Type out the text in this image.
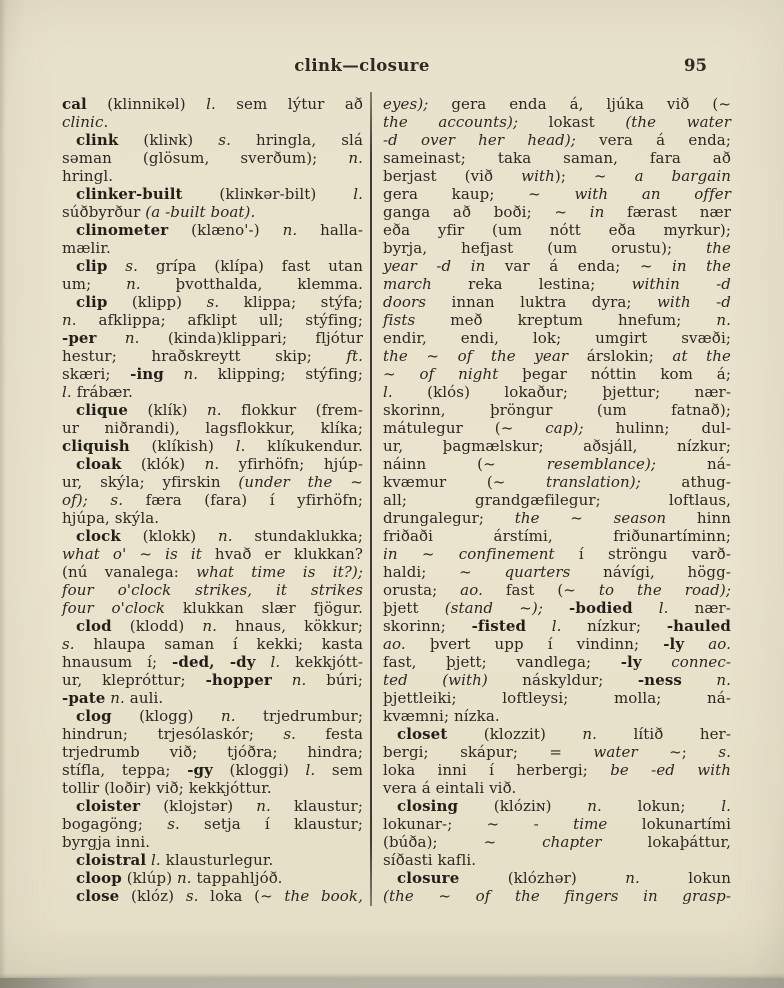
clink—closure	95
cal (klinnikəl) l. sem lýtur að
clinic.
clink (kliɴk) s. hringla, slá
səman (glösum, sverðum); n.
hringl.
clinker-built (kliɴkər-bilt) l.
súðbyrður (a -built boat).
clinometer (klæno'-) n. halla-
mælir.
clip s. grípa (klípa) fast utan
um; n. þvotthalda, klemma.
clip (klipp) s. klippa; stýfa;
n. afklippa; afklipt ull; stýfing;
-per n. (kinda)klippari; fljótur
hestur; hraðskreytt skip; ft.
skæri; -ing n. klipping; stýfing;
l. frábær.
clique (klík) n. flokkur (frem-
ur niðrandi), lagsflokkur, klíka;
cliquish (klíkish) l. klíkukendur.
cloak (klók) n. yfirhöfn; hjúp-
ur, skýla; yfirskin (under the ~
of); s. færa (fara) í yfirhöfn;
hjúpa, skýla.
clock (klokk) n. stundaklukka;
what o' ~ is it hvað er klukkan?
(nú vanalega: what time is it?);
four o'clock strikes, it strikes
four o'clock klukkan slær fjögur.
clod (klodd) n. hnaus, kökkur;
s. hlaupa saman í kekki; kasta
hnausum í; -ded, -dy l. kekkjótt-
ur, klepróttur; -hopper n. búri;
-pate n. auli.
clog (klogg) n. trjedrumbur;
hindrun; trjesólaskór; s. festa
trjedrumb við; tjóðra; hindra;
stífla, teppa; -gy (kloggi) l. sem
tollir (loðir) við; kekkjóttur.
cloister (klojstər) n. klaustur;
bogagöng; s. setja í klaustur;
byrgja inni.
cloistral l. klausturlegur.
cloop (klúp) n. tappahljóð.
close (klóz) s. loka (~ the book,
eyes); gera enda á, ljúka við (~
the accounts); lokast (the water
-d over her head); vera á enda;
sameinast; taka saman, fara að
berjast (við with); ~ a bargain
gera kaup; ~ with an offer
ganga að boði; ~ in færast nær
eða yfir (um nótt eða myrkur);
byrja, hefjast (um orustu); the
year -d in var á enda; ~ in the
march reka lestina; within -d
doors innan luktra dyra; with -d
fists með kreptum hnefum; n.
endir, endi, lok; umgirt svæði;
the ~ of the year árslokin; at the
~ of night þegar nóttin kom á;
l. (klós) lokaður; þjettur; nær-
skorinn, þröngur (um fatnað);
mátulegur (~ cap); hulinn; dul-
ur, þagmælskur; aðsjáll, nízkur;
náinn (~ resemblance); ná-
kvæmur (~ translation); athug-
all; grandgæfilegur; loftlaus,
drungalegur; the ~ season hinn
friðaði árstími, friðunartíminn;
in ~ confinement í ströngu varð-
haldi; ~ quarters návígi, högg-
orusta; ao. fast (~ to the road);
þjett (stand ~); -bodied l. nær-
skorinn; -fisted l. nízkur; -hauled
ao. þvert upp í vindinn; -ly ao.
fast, þjett; vandlega; -ly connec-
ted (with) náskyldur; -ness n.
þjettleiki; loftleysi; molla; ná-
kvæmni; nízka.
closet (klozzit) n. lítið her-
bergi; skápur; = water ~; s.
loka inni í herbergi; be -ed with
vera á eintali við.
closing (klóziɴ) n. lokun; l.
lokunar-; ~ - time lokunartími
(búða); ~ chapter lokaþáttur,
síðasti kafli.
closure (klózhər) n. lokun
(the ~ of the fingers in grasp-
